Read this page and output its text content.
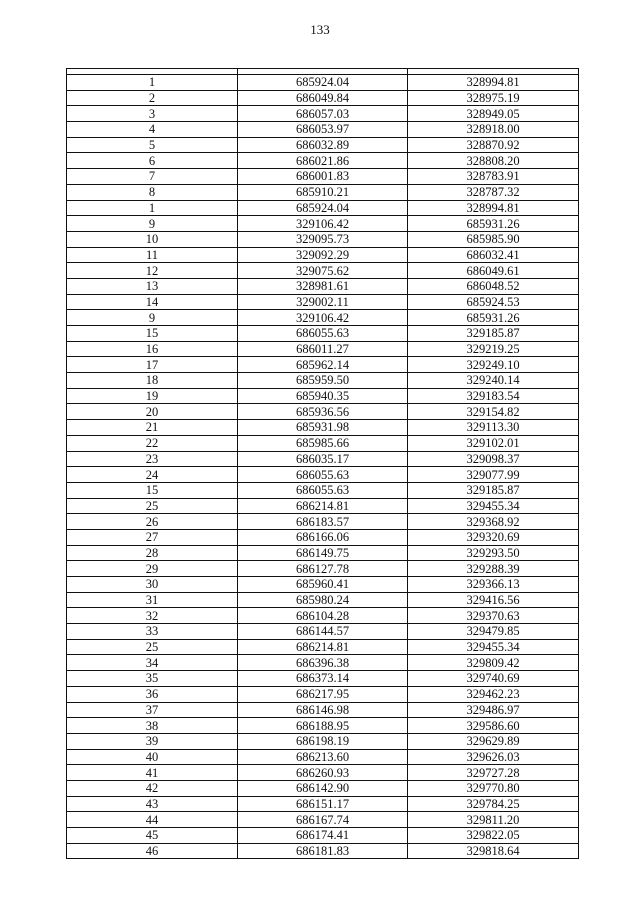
133

1	685924.04	328994.81
2	686049.84	328975.19
3	686057.03	328949.05
4	686053.97	328918.00
5	686032.89	328870.92
6	686021.86	328808.20
7	686001.83	328783.91
8	685910.21	328787.32
1	685924.04	328994.81
9	329106.42	685931.26
10	329095.73	685985.90
11	329092.29	686032.41
12	329075.62	686049.61
13	328981.61	686048.52
14	329002.11	685924.53
9	329106.42	685931.26
15	686055.63	329185.87
16	686011.27	329219.25
17	685962.14	329249.10
18	685959.50	329240.14
19	685940.35	329183.54
20	685936.56	329154.82
21	685931.98	329113.30
22	685985.66	329102.01
23	686035.17	329098.37
24	686055.63	329077.99
15	686055.63	329185.87
25	686214.81	329455.34
26	686183.57	329368.92
27	686166.06	329320.69
28	686149.75	329293.50
29	686127.78	329288.39
30	685960.41	329366.13
31	685980.24	329416.56
32	686104.28	329370.63
33	686144.57	329479.85
25	686214.81	329455.34
34	686396.38	329809.42
35	686373.14	329740.69
36	686217.95	329462.23
37	686146.98	329486.97
38	686188.95	329586.60
39	686198.19	329629.89
40	686213.60	329626.03
41	686260.93	329727.28
42	686142.90	329770.80
43	686151.17	329784.25
44	686167.74	329811.20
45	686174.41	329822.05
46	686181.83	329818.64
